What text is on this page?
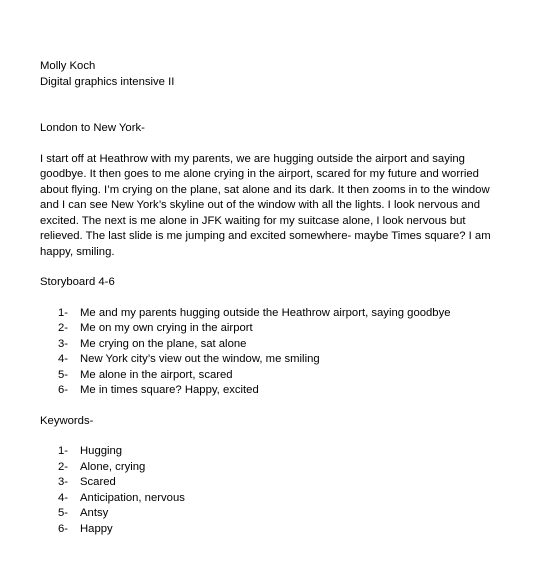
Molly Koch
Digital graphics intensive II
London to New York-
I start off at Heathrow with my parents, we are hugging outside the airport and saying
goodbye. It then goes to me alone crying in the airport, scared for my future and worried
about flying. I’m crying on the plane, sat alone and its dark. It then zooms in to the window
and I can see New York’s skyline out of the window with all the lights. I look nervous and
excited. The next is me alone in JFK waiting for my suitcase alone, I look nervous but
relieved. The last slide is me jumping and excited somewhere- maybe Times square? I am
happy, smiling.
Storyboard 4-6
1-	Me and my parents hugging outside the Heathrow airport, saying goodbye
2-	Me on my own crying in the airport
3-	Me crying on the plane, sat alone
4-	New York city’s view out the window, me smiling
5-	Me alone in the airport, scared
6-	Me in times square? Happy, excited
Keywords-
1-	Hugging
2-	Alone, crying
3-	Scared
4-	Anticipation, nervous
5-	Antsy
6-	Happy
